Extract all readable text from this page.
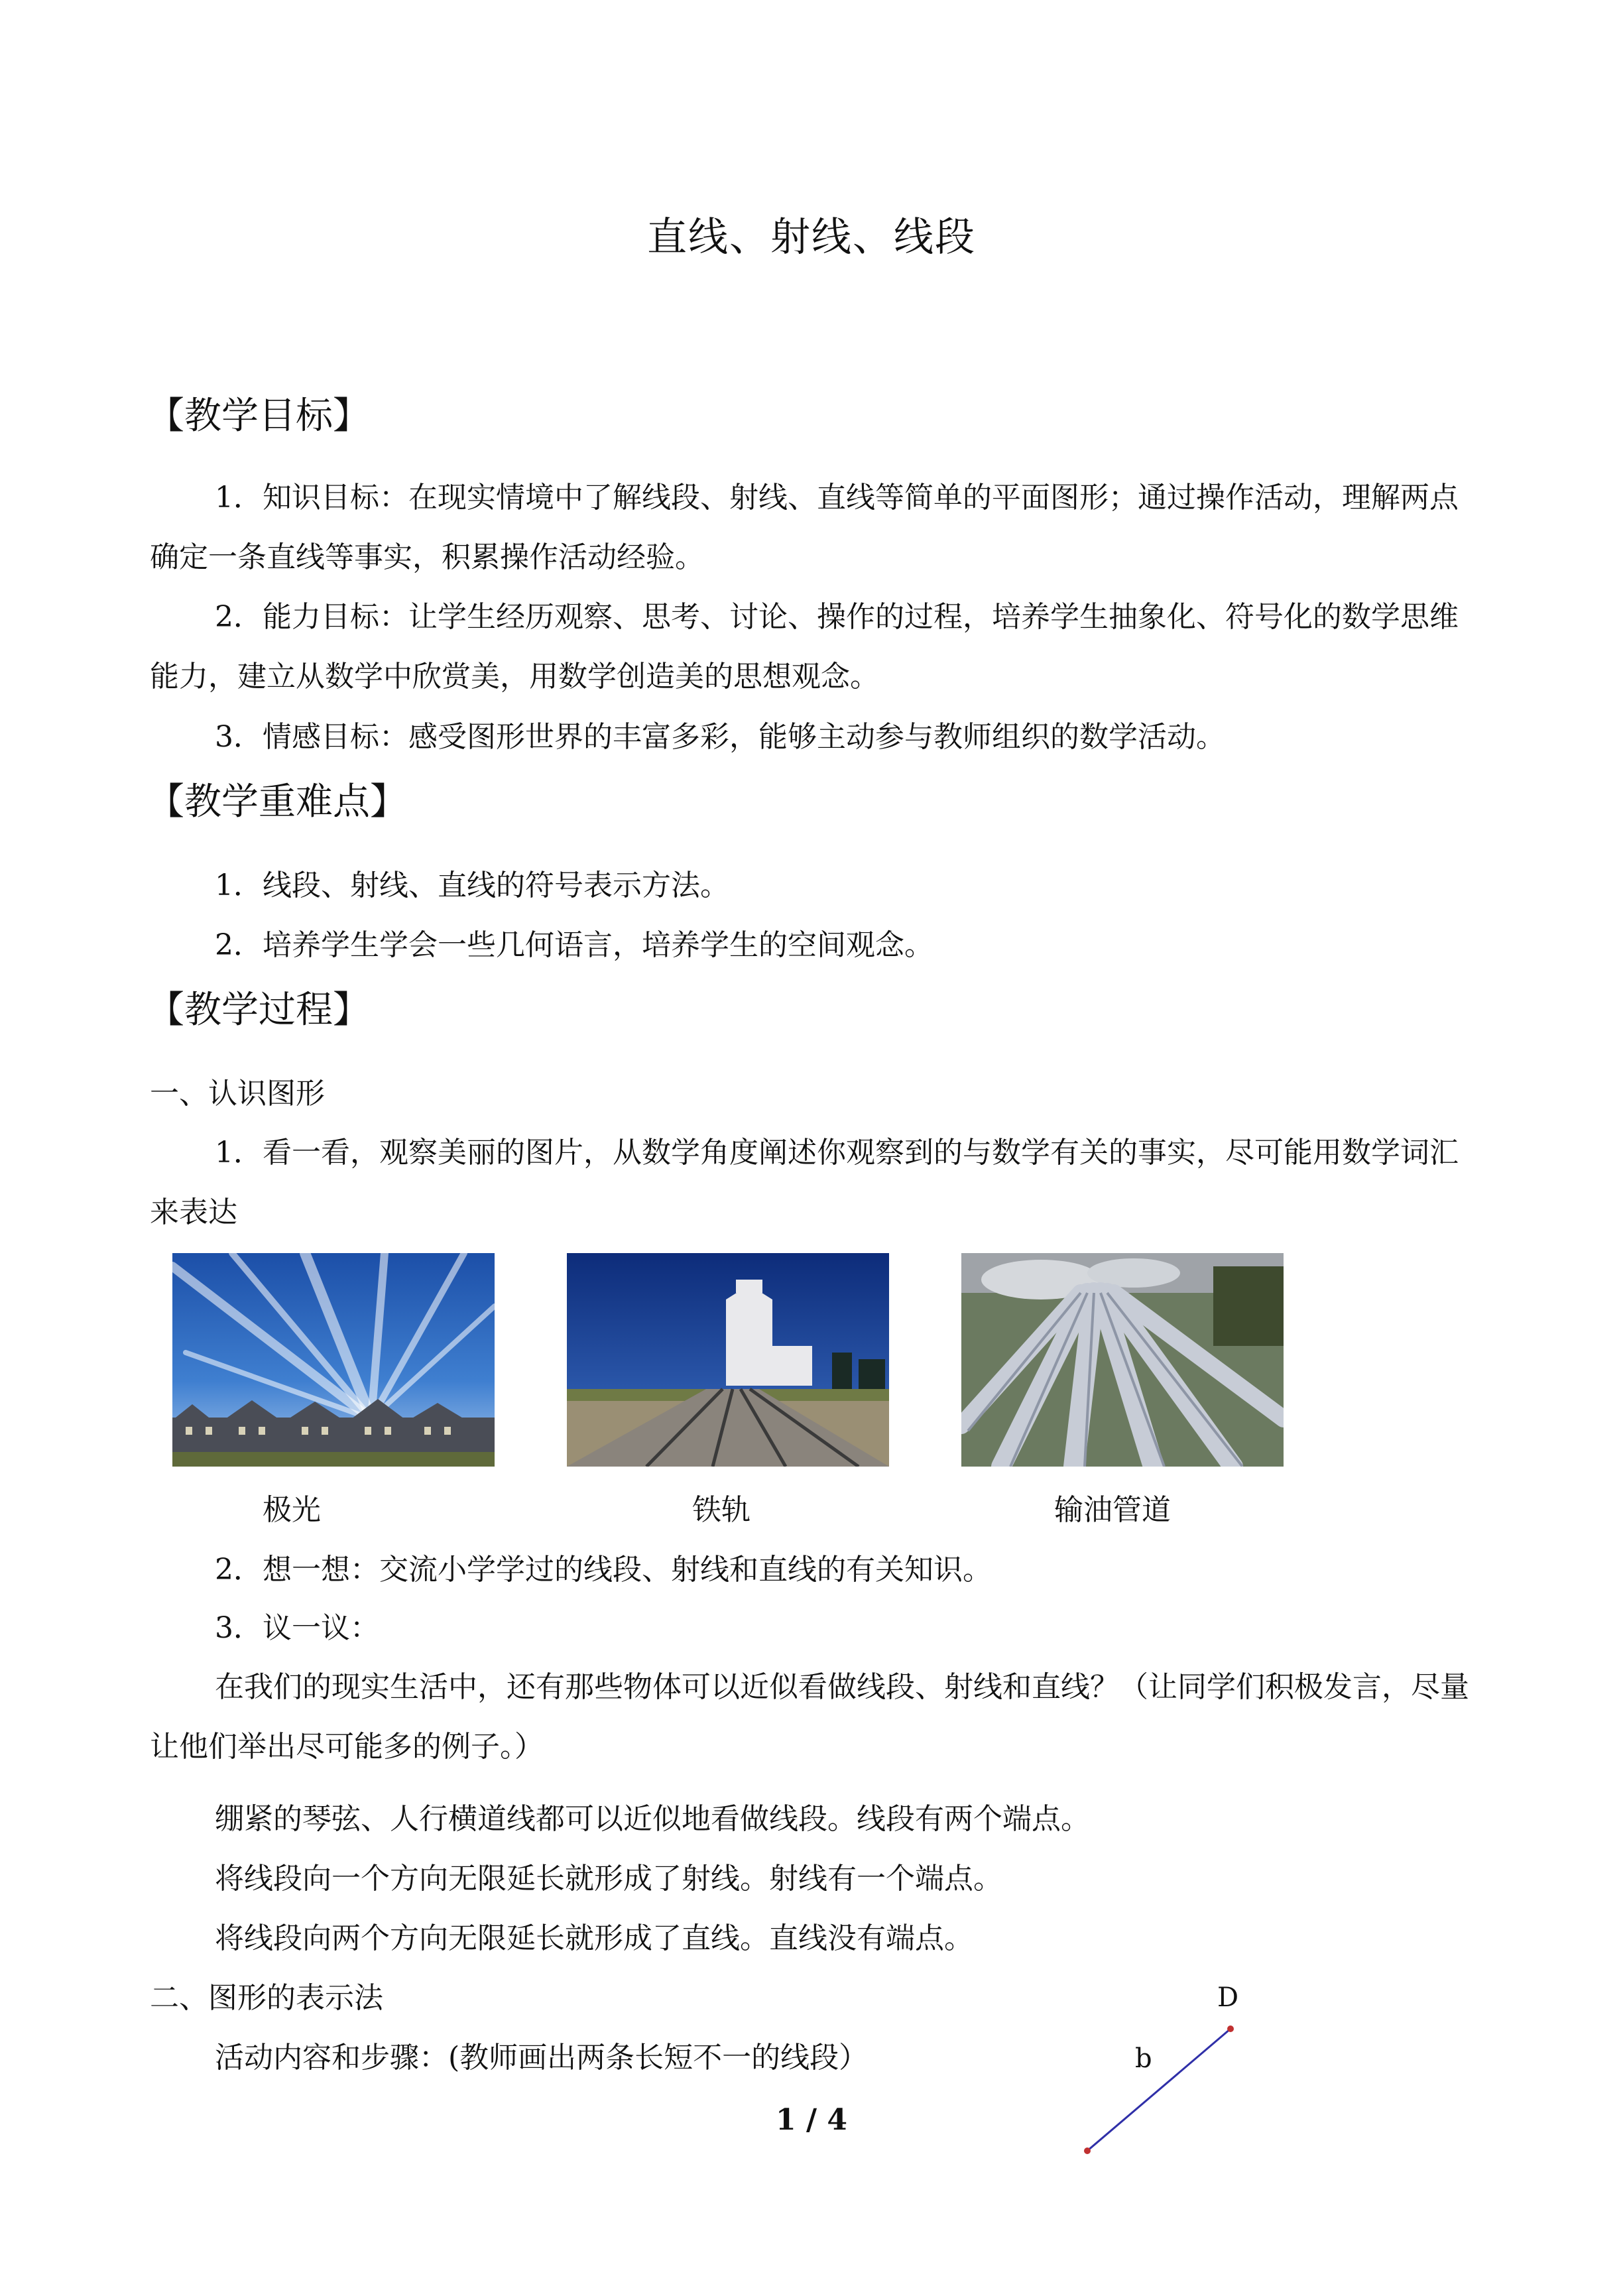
直线、射线、线段
【教学目标】
1．知识目标：在现实情境中了解线段、射线、直线等简单的平面图形；通过操作活动，理解两点确定一条直线等事实，积累操作活动经验。
2．能力目标：让学生经历观察、思考、讨论、操作的过程，培养学生抽象化、符号化的数学思维能力，建立从数学中欣赏美，用数学创造美的思想观念。
3．情感目标：感受图形世界的丰富多彩，能够主动参与教师组织的数学活动。
【教学重难点】
1．线段、射线、直线的符号表示方法。
2．培养学生学会一些几何语言，培养学生的空间观念。
【教学过程】
一、认识图形
1．看一看，观察美丽的图片，从数学角度阐述你观察到的与数学有关的事实，尽可能用数学词汇来表达
极光	铁轨	输油管道
2．想一想：交流小学学过的线段、射线和直线的有关知识。
3．议一议：
在我们的现实生活中，还有那些物体可以近似看做线段、射线和直线？（让同学们积极发言，尽量让他们举出尽可能多的例子。）
绷紧的琴弦、人行横道线都可以近似地看做线段。线段有两个端点。
将线段向一个方向无限延长就形成了射线。射线有一个端点。
将线段向两个方向无限延长就形成了直线。直线没有端点。
二、图形的表示法
活动内容和步骤：(教师画出两条长短不一的线段）
D
b
1 / 4
